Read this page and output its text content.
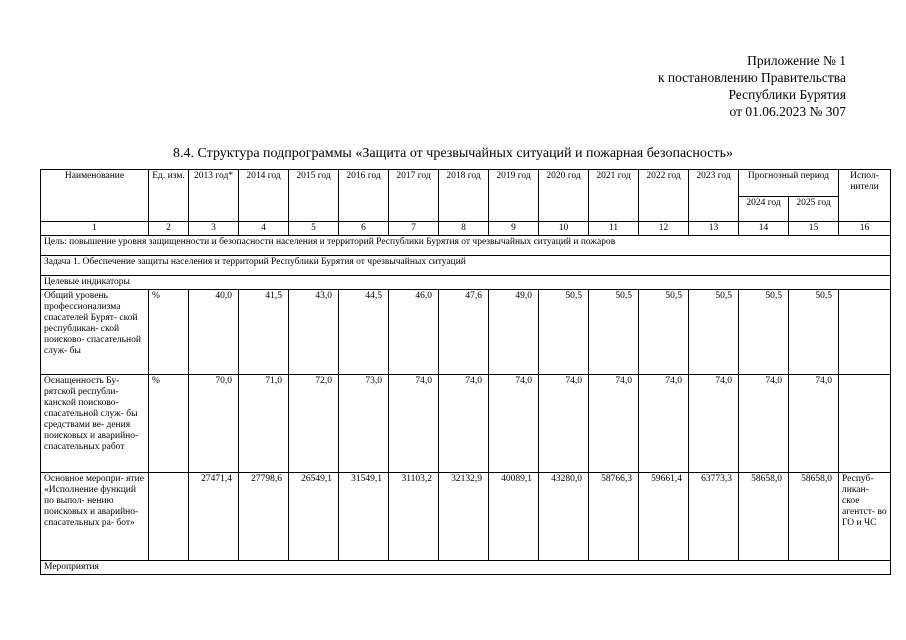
Приложение № 1
к постановлению Правительства
Республики Бурятия
от 01.06.2023 № 307
8.4. Структура подпрограммы «Защита от чрезвычайных ситуаций и пожарная безопасность»
Наименование	Ед. изм.	2013 год*	2014 год	2015 год	2016 год	2017 год	2018 год	2019 год	2020 год	2021 год	2022 год	2023 год	Прогнозный период		Испол- нители
													2024 год	2025 год	
1	2	3	4	5	6	7	8	9	10	11	12	13	14	15	16
Цель: повышение уровня защищенности и безопасности населения и территорий Республики Бурятия от чрезвычайных ситуаций и пожаров															
Задача 1. Обеспечение защиты населения и территорий Республики Бурятия от чрезвычайных ситуаций															
Целевые индикаторы															
Общий уровень профессионализма спасателей Бурят- ской республикан- ской поисково- спасательной служ- бы	%	40,0	41,5	43,0	44,5	46,0	47,6	49,0	50,5	50,5	50,5	50,5	50,5	50,5	
Оснащенность Бу- рятской республи- канской поисково- спасательной служ- бы средствами ве- дения поисковых и аварийно- спасательных работ	%	70,0	71,0	72,0	73,0	74,0	74,0	74,0	74,0	74,0	74,0	74,0	74,0	74,0	
Основное меропри- ятие «Исполнение функций по выпол- нению поисковых и аварийно- спасательных ра- бот»		27471,4	27798,6	26549,1	31549,1	31103,2	32132,9	40089,1	43280,0	58766,3	59661,4	63773,3	58658,0	58658,0	Респуб- ликан- ское агентст- во ГО и ЧС
Мероприятия															
